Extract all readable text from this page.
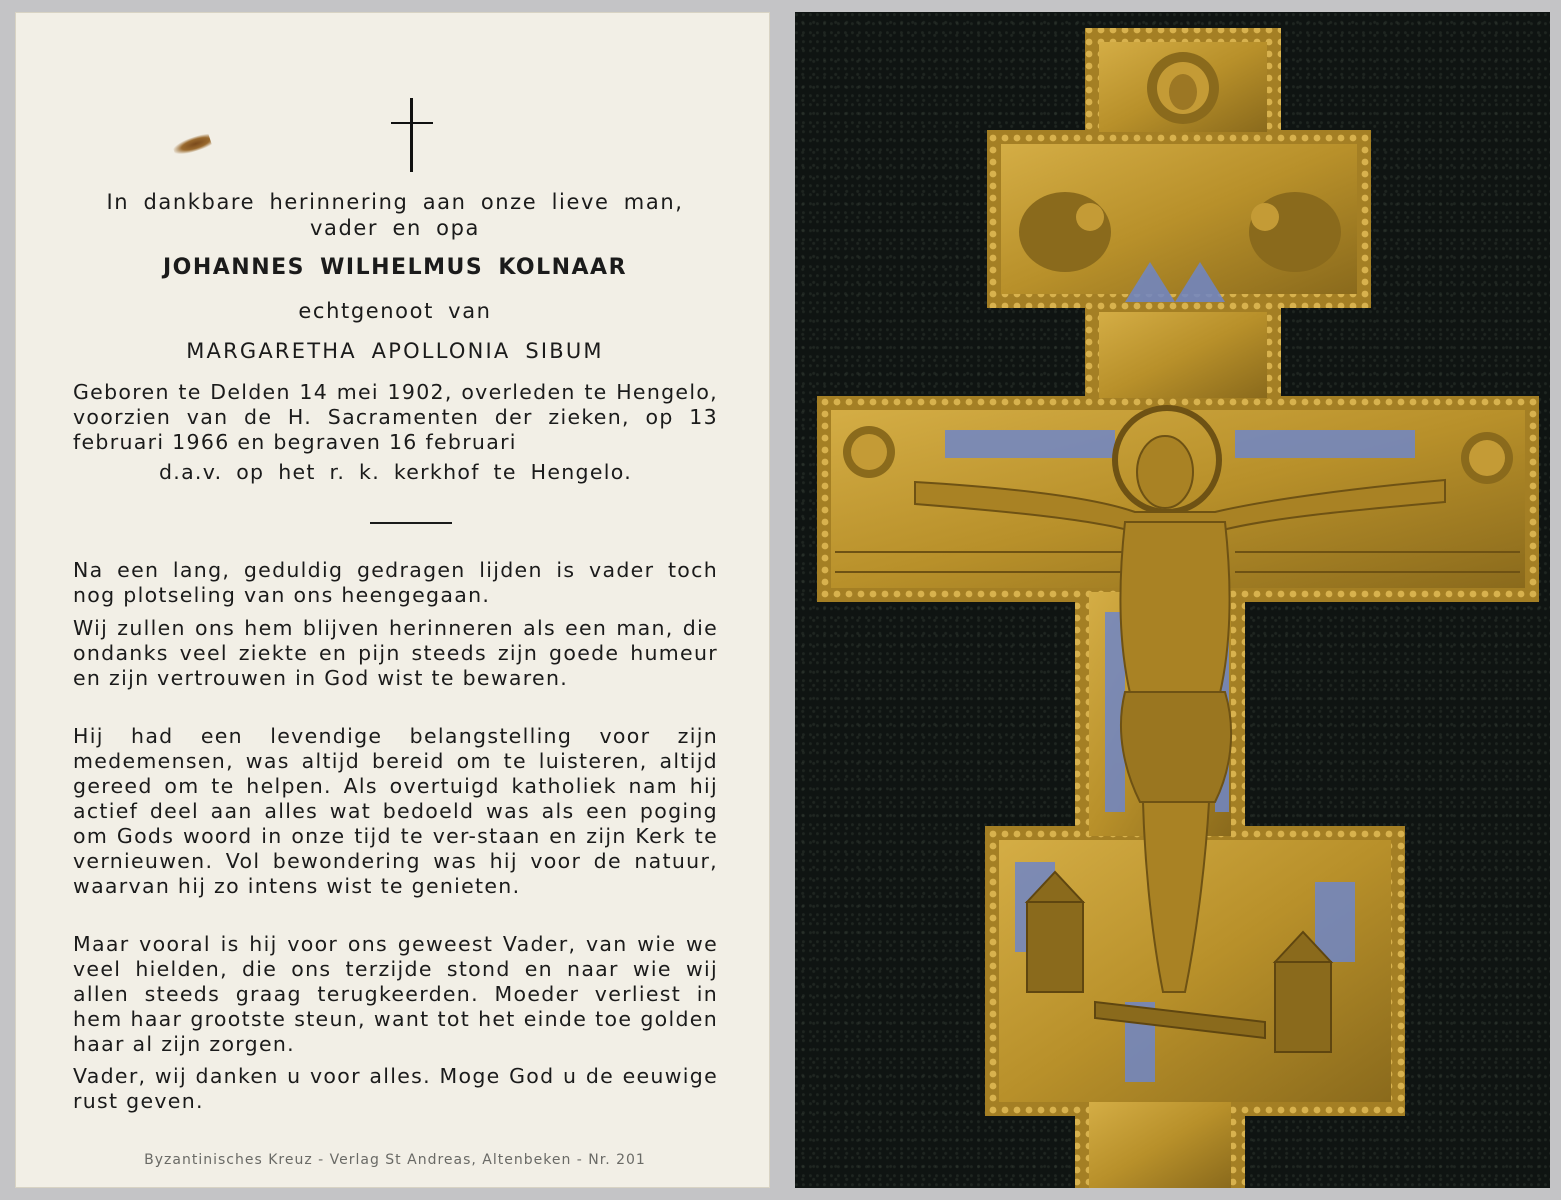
In dankbare herinnering aan onze lieve man, vader en opa
JOHANNES WILHELMUS KOLNAAR
echtgenoot van
MARGARETHA APOLLONIA SIBUM
Geboren te Delden 14 mei 1902, overleden te Hengelo, voorzien van de H. Sacramenten der zieken, op 13 februari 1966 en begraven 16 februari
d.a.v. op het r. k. kerkhof te Hengelo.

Na een lang, geduldig gedragen lijden is vader toch nog plotseling van ons heengegaan.

Wij zullen ons hem blijven herinneren als een man, die ondanks veel ziekte en pijn steeds zijn goede humeur en zijn vertrouwen in God wist te bewaren.

Hij had een levendige belangstelling voor zijn medemensen, was altijd bereid om te luisteren, altijd gereed om te helpen. Als overtuigd katholiek nam hij actief deel aan alles wat bedoeld was als een poging om Gods woord in onze tijd te ver-staan en zijn Kerk te vernieuwen. Vol bewondering was hij voor de natuur, waarvan hij zo intens wist te genieten.

Maar vooral is hij voor ons geweest Vader, van wie we veel hielden, die ons terzijde stond en naar wie wij allen steeds graag terugkeerden. Moeder verliest in hem haar grootste steun, want tot het einde toe golden haar al zijn zorgen.

Vader, wij danken u voor alles. Moge God u de eeuwige rust geven.

Byzantinisches Kreuz - Verlag St Andreas, Altenbeken - Nr. 201
